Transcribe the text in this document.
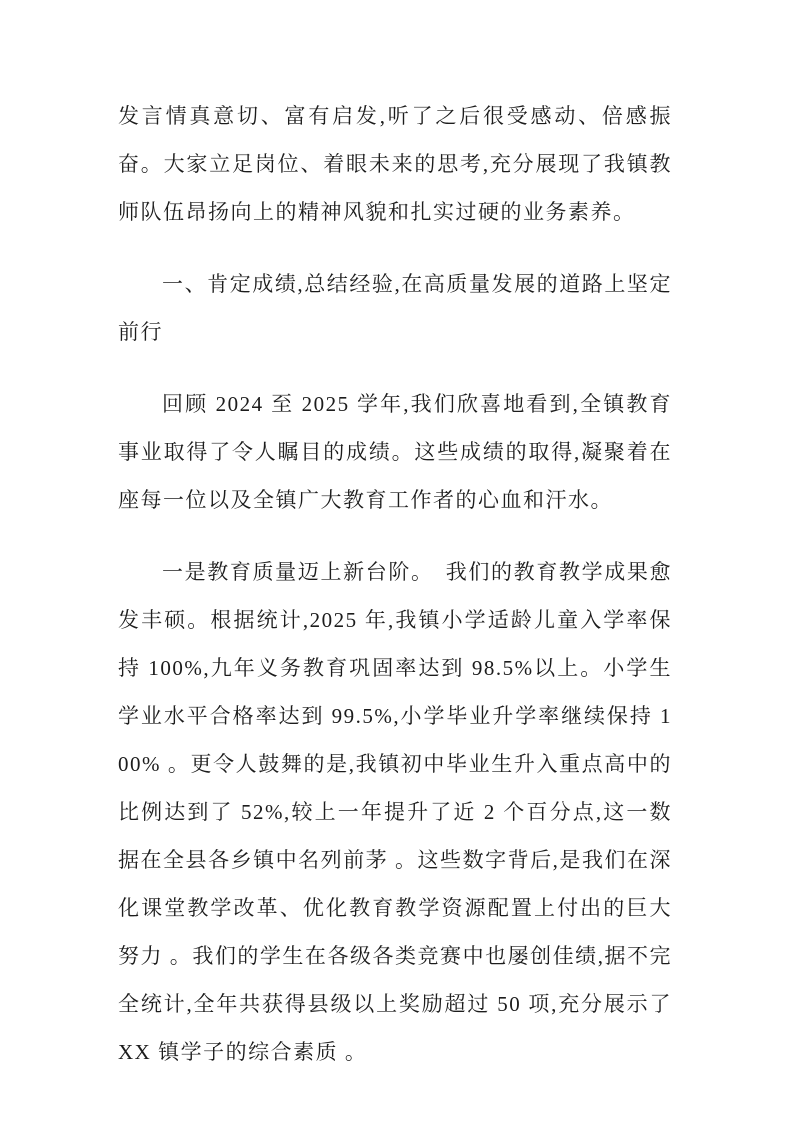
发言情真意切、富有启发,听了之后很受感动、倍感振奋。大家立足岗位、着眼未来的思考,充分展现了我镇教师队伍昂扬向上的精神风貌和扎实过硬的业务素养。

一、肯定成绩,总结经验,在高质量发展的道路上坚定前行

回顾 2024 至 2025 学年,我们欣喜地看到,全镇教育事业取得了令人瞩目的成绩。这些成绩的取得,凝聚着在座每一位以及全镇广大教育工作者的心血和汗水。

一是教育质量迈上新台阶。　我们的教育教学成果愈发丰硕。根据统计,2025 年,我镇小学适龄儿童入学率保持 100%,九年义务教育巩固率达到 98.5%以上。小学生学业水平合格率达到 99.5%,小学毕业升学率继续保持 100% 。更令人鼓舞的是,我镇初中毕业生升入重点高中的比例达到了 52%,较上一年提升了近 2 个百分点,这一数据在全县各乡镇中名列前茅 。这些数字背后,是我们在深化课堂教学改革、优化教育教学资源配置上付出的巨大努力 。我们的学生在各级各类竞赛中也屡创佳绩,据不完全统计,全年共获得县级以上奖励超过 50 项,充分展示了 XX 镇学子的综合素质 。
